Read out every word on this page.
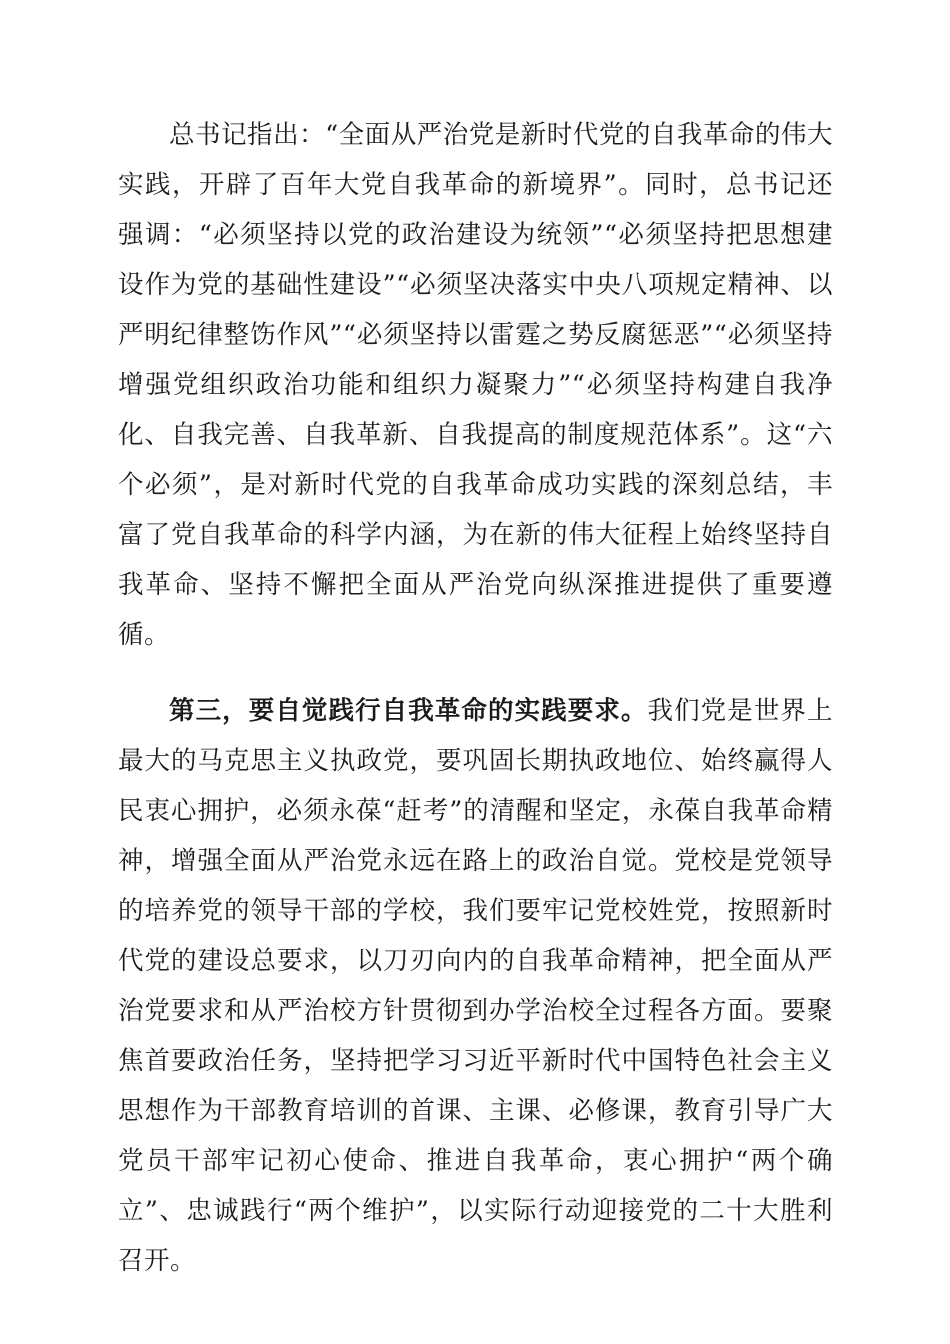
总书记指出：“全面从严治党是新时代党的自我革命的伟大实践，开辟了百年大党自我革命的新境界”。同时，总书记还强调：“必须坚持以党的政治建设为统领”“必须坚持把思想建设作为党的基础性建设”“必须坚决落实中央八项规定精神、以严明纪律整饬作风”“必须坚持以雷霆之势反腐惩恶”“必须坚持增强党组织政治功能和组织力凝聚力”“必须坚持构建自我净化、自我完善、自我革新、自我提高的制度规范体系”。这“六个必须”，是对新时代党的自我革命成功实践的深刻总结，丰富了党自我革命的科学内涵，为在新的伟大征程上始终坚持自我革命、坚持不懈把全面从严治党向纵深推进提供了重要遵循。

第三，要自觉践行自我革命的实践要求。我们党是世界上最大的马克思主义执政党，要巩固长期执政地位、始终赢得人民衷心拥护，必须永葆“赶考”的清醒和坚定，永葆自我革命精神，增强全面从严治党永远在路上的政治自觉。党校是党领导的培养党的领导干部的学校，我们要牢记党校姓党，按照新时代党的建设总要求，以刀刃向内的自我革命精神，把全面从严治党要求和从严治校方针贯彻到办学治校全过程各方面。要聚焦首要政治任务，坚持把学习习近平新时代中国特色社会主义思想作为干部教育培训的首课、主课、必修课，教育引导广大党员干部牢记初心使命、推进自我革命，衷心拥护“两个确立”、忠诚践行“两个维护”，以实际行动迎接党的二十大胜利召开。
